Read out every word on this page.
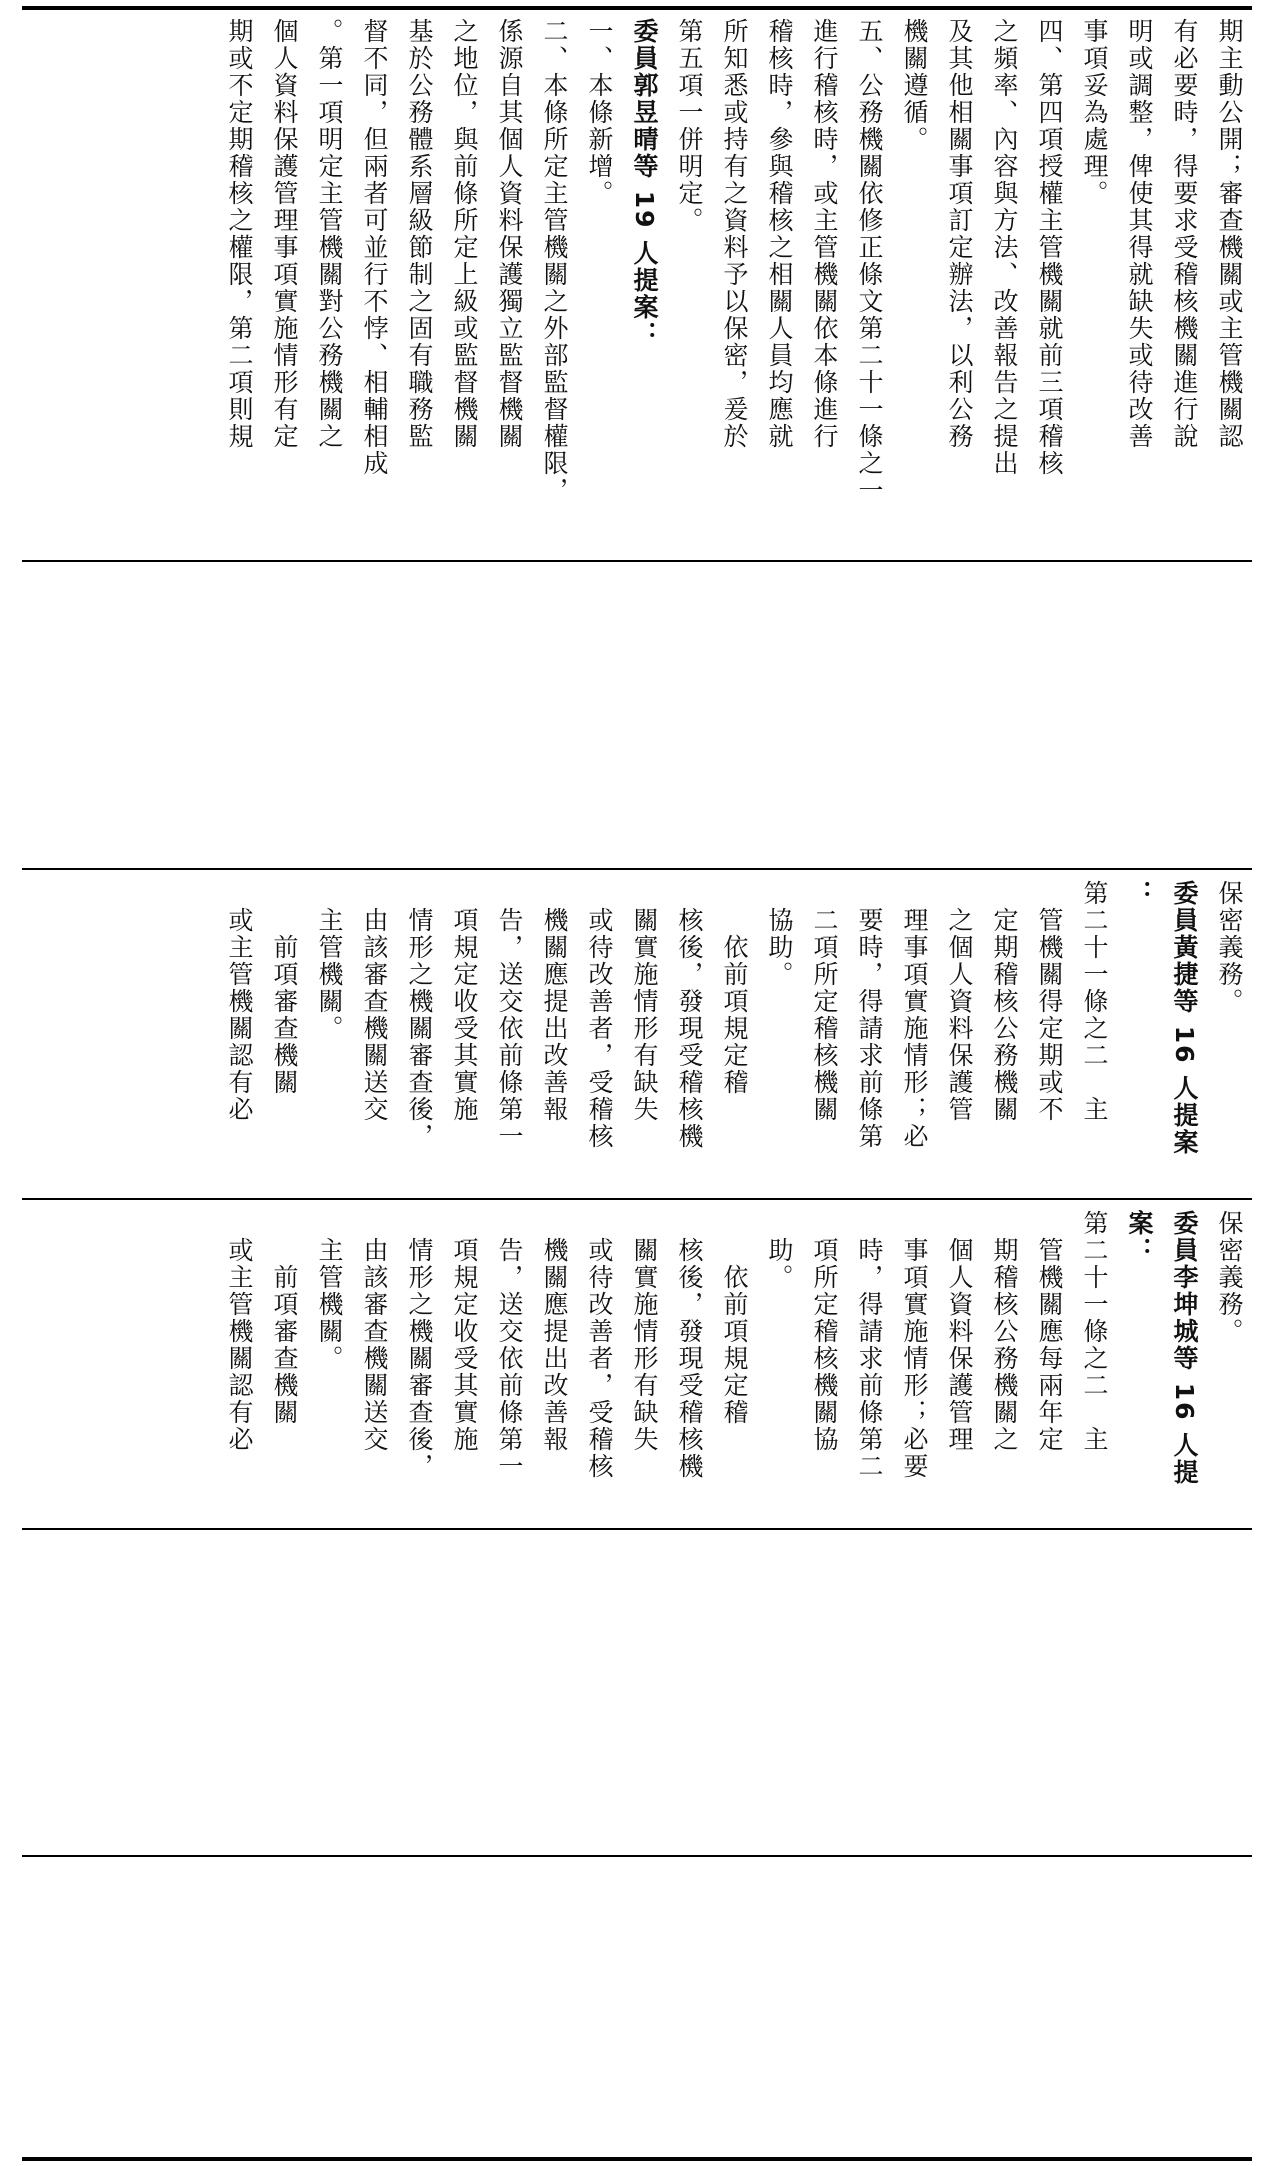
期主動公開；審查機關或主管機關認
有必要時，得要求受稽核機關進行說
明或調整，俾使其得就缺失或待改善
事項妥為處理。
四、第四項授權主管機關就前三項稽核
之頻率、內容與方法、改善報告之提出
及其他相關事項訂定辦法，以利公務
機關遵循。
五、公務機關依修正條文第二十一條之一
進行稽核時，或主管機關依本條進行
稽核時，參與稽核之相關人員均應就
所知悉或持有之資料予以保密，爰於
第五項一併明定。
委員郭昱晴等 19 人提案：
一、本條新增。
二、本條所定主管機關之外部監督權限，
係源自其個人資料保護獨立監督機關
之地位，與前條所定上級或監督機關
基於公務體系層級節制之固有職務監
督不同，但兩者可並行不悖、相輔相成
。第一項明定主管機關對公務機關之
個人資料保護管理事項實施情形有定
期或不定期稽核之權限，第二項則規
保密義務。
委員黃捷等 16 人提案
：
第二十一條之二　主
　管機關得定期或不
　定期稽核公務機關
　之個人資料保護管
　理事項實施情形；必
　要時，得請求前條第
　二項所定稽核機關
　協助。
　　依前項規定稽
　核後，發現受稽核機
　關實施情形有缺失
　或待改善者，受稽核
　機關應提出改善報
　告，送交依前條第一
　項規定收受其實施
　情形之機關審查後，
　由該審查機關送交
　主管機關。
　　前項審查機關
　或主管機關認有必
保密義務。
委員李坤城等 16 人提
案：
第二十一條之二　主
　管機關應每兩年定
　期稽核公務機關之
　個人資料保護管理
　事項實施情形；必要
　時，得請求前條第二
　項所定稽核機關協
　助。
　　依前項規定稽
　核後，發現受稽核機
　關實施情形有缺失
　或待改善者，受稽核
　機關應提出改善報
　告，送交依前條第一
　項規定收受其實施
　情形之機關審查後，
　由該審查機關送交
　主管機關。
　　前項審查機關
　或主管機關認有必
